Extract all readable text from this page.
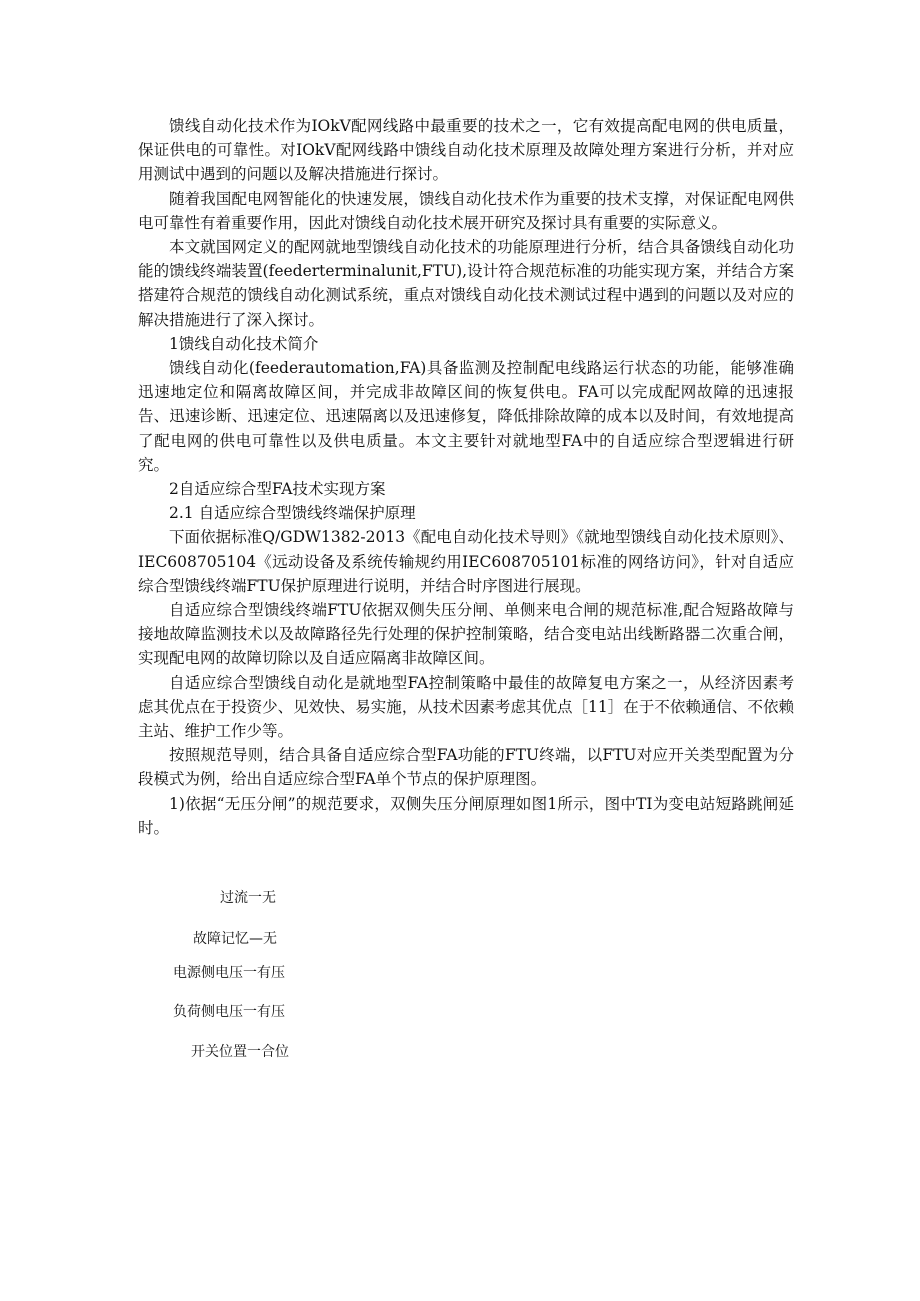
馈线自动化技术作为IOkV配网线路中最重要的技术之一，它有效提高配电网的供电质量，保证供电的可靠性。对IOkV配网线路中馈线自动化技术原理及故障处理方案进行分析，并对应用测试中遇到的问题以及解决措施进行探讨。

随着我国配电网智能化的快速发展，馈线自动化技术作为重要的技术支撑，对保证配电网供电可靠性有着重要作用，因此对馈线自动化技术展开研究及探讨具有重要的实际意义。

本文就国网定义的配网就地型馈线自动化技术的功能原理进行分析，结合具备馈线自动化功能的馈线终端装置(feederterminalunit,FTU),设计符合规范标准的功能实现方案，并结合方案搭建符合规范的馈线自动化测试系统，重点对馈线自动化技术测试过程中遇到的问题以及对应的解决措施进行了深入探讨。

1馈线自动化技术简介

馈线自动化(feederautomation,FA)具备监测及控制配电线路运行状态的功能，能够准确迅速地定位和隔离故障区间，并完成非故障区间的恢复供电。FA可以完成配网故障的迅速报告、迅速诊断、迅速定位、迅速隔离以及迅速修复，降低排除故障的成本以及时间，有效地提高了配电网的供电可靠性以及供电质量。本文主要针对就地型FA中的自适应综合型逻辑进行研究。

2自适应综合型FA技术实现方案

2.1 自适应综合型馈线终端保护原理

下面依据标准Q/GDW1382-2013《配电自动化技术导则》《就地型馈线自动化技术原则》、IEC608705104《远动设备及系统传输规约用IEC608705101标准的网络访问》，针对自适应综合型馈线终端FTU保护原理进行说明，并结合时序图进行展现。

自适应综合型馈线终端FTU依据双侧失压分闸、单侧来电合闸的规范标准,配合短路故障与接地故障监测技术以及故障路径先行处理的保护控制策略，结合变电站出线断路器二次重合闸，实现配电网的故障切除以及自适应隔离非故障区间。

自适应综合型馈线自动化是就地型FA控制策略中最佳的故障复电方案之一，从经济因素考虑其优点在于投资少、见效快、易实施，从技术因素考虑其优点［11］在于不依赖通信、不依赖主站、维护工作少等。

按照规范导则，结合具备自适应综合型FA功能的FTU终端，以FTU对应开关类型配置为分段模式为例，给出自适应综合型FA单个节点的保护原理图。

1)依据“无压分闸”的规范要求，双侧失压分闸原理如图1所示，图中TI为变电站短路跳闸延时。

过流一无
故障记忆—无
电源侧电压一有压
负荷侧电压一有压
开关位置一合位
